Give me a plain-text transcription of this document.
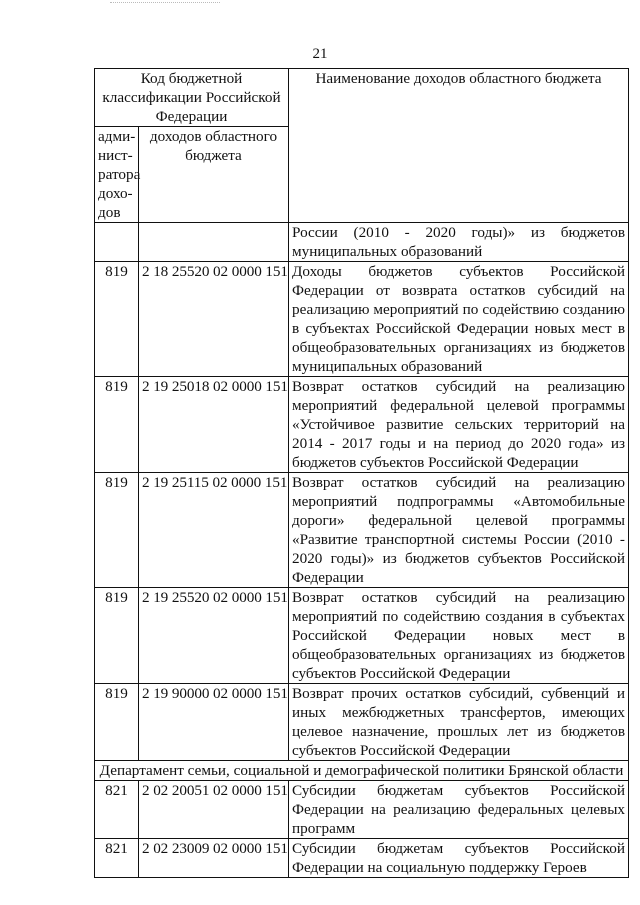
21
Код бюджетной классификации Российской Федерации		Наименование доходов областного бюджета
адми-нист-ратора дохо-дов	доходов областного бюджета	
		России (2010 - 2020 годы)» из бюджетов муниципальных образований
819	2 18 25520 02 0000 151	Доходы бюджетов субъектов Российской Федерации от возврата остатков субсидий на реализацию мероприятий по содействию созданию в субъектах Российской Федерации новых мест в общеобразовательных организациях из бюджетов муниципальных образований
819	2 19 25018 02 0000 151	Возврат остатков субсидий на реализацию мероприятий федеральной целевой программы «Устойчивое развитие сельских территорий на 2014 - 2017 годы и на период до 2020 года» из бюджетов субъектов Российской Федерации
819	2 19 25115 02 0000 151	Возврат остатков субсидий на реализацию мероприятий подпрограммы «Автомобильные дороги» федеральной целевой программы «Развитие транспортной системы России (2010 - 2020 годы)» из бюджетов субъектов Российской Федерации
819	2 19 25520 02 0000 151	Возврат остатков субсидий на реализацию мероприятий по содействию создания в субъектах Российской Федерации новых мест в общеобразовательных организациях из бюджетов субъектов Российской Федерации
819	2 19 90000 02 0000 151	Возврат прочих остатков субсидий, субвенций и иных межбюджетных трансфертов, имеющих целевое назначение, прошлых лет из бюджетов субъектов Российской Федерации
Департамент семьи, социальной и демографической политики Брянской области		
821	2 02 20051 02 0000 151	Субсидии бюджетам субъектов Российской Федерации на реализацию федеральных целевых программ
821	2 02 23009 02 0000 151	Субсидии бюджетам субъектов Российской Федерации на социальную поддержку Героев
